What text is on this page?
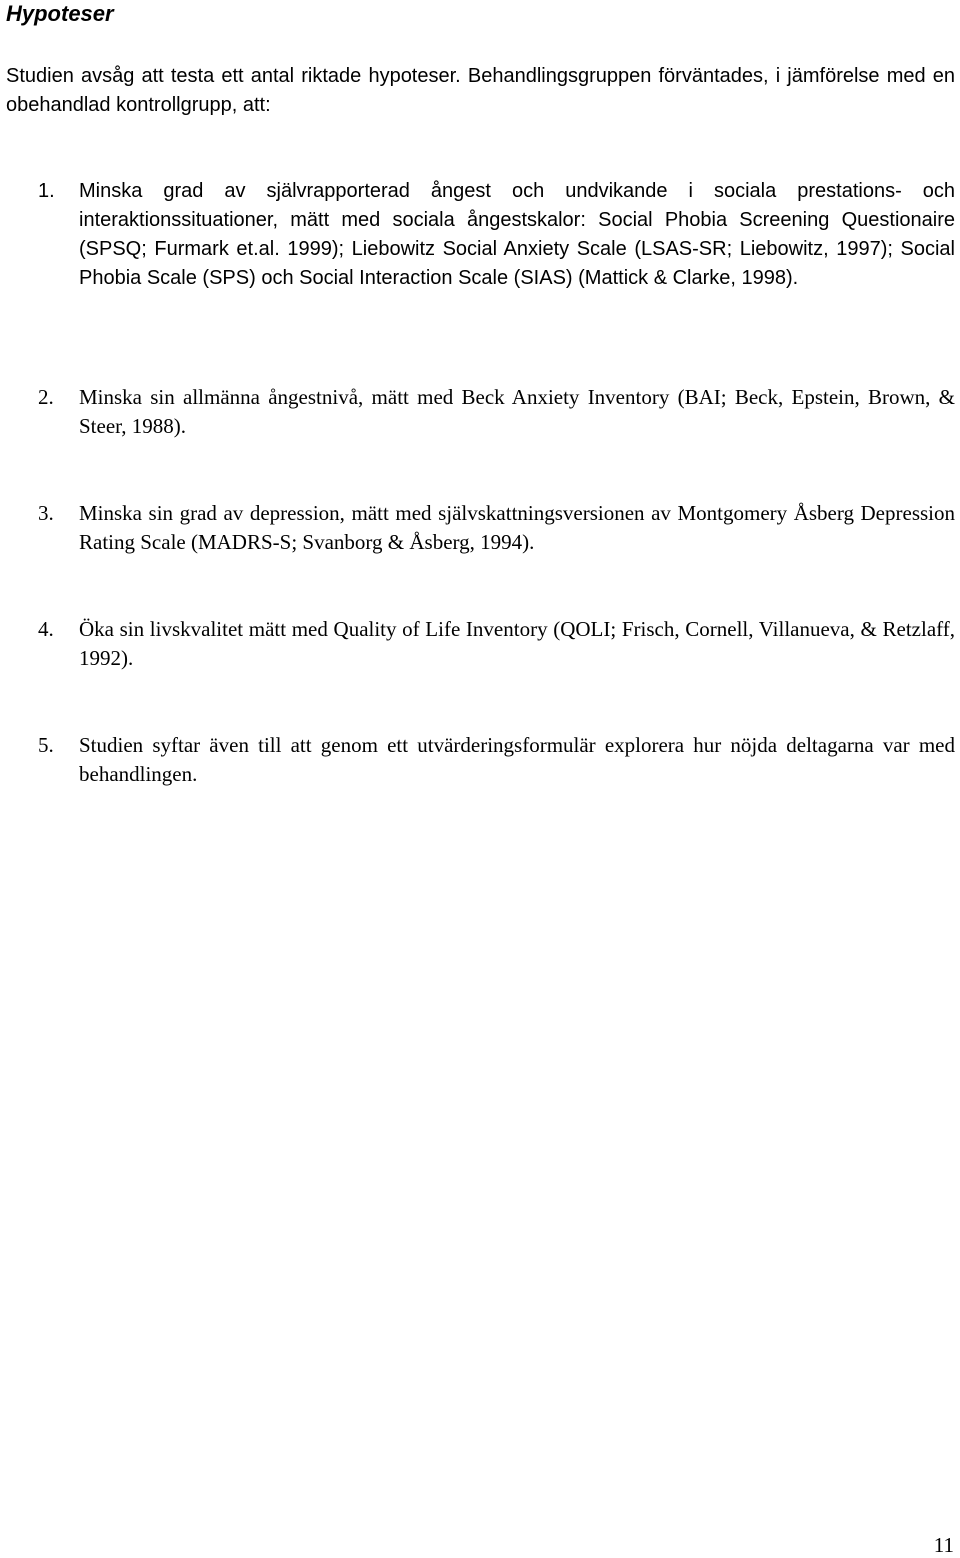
Hypoteser

Studien avsåg att testa ett antal riktade hypoteser. Behandlingsgruppen förväntades, i jämförelse med en obehandlad kontrollgrupp, att:

1. Minska grad av självrapporterad ångest och undvikande i sociala prestations- och interaktionssituationer, mätt med sociala ångestskalor: Social Phobia Screening Questionaire (SPSQ; Furmark et.al. 1999); Liebowitz Social Anxiety Scale (LSAS-SR; Liebowitz, 1997); Social Phobia Scale (SPS) och Social Interaction Scale (SIAS) (Mattick & Clarke, 1998).
2. Minska sin allmänna ångestnivå, mätt med Beck Anxiety Inventory (BAI; Beck, Epstein, Brown, & Steer, 1988).
3. Minska sin grad av depression, mätt med självskattningsversionen av Montgomery Åsberg Depression Rating Scale (MADRS-S; Svanborg & Åsberg, 1994).
4. Öka sin livskvalitet mätt med Quality of Life Inventory (QOLI; Frisch, Cornell, Villanueva, & Retzlaff, 1992).
5. Studien syftar även till att genom ett utvärderingsformulär explorera hur nöjda deltagarna var med behandlingen.
11
